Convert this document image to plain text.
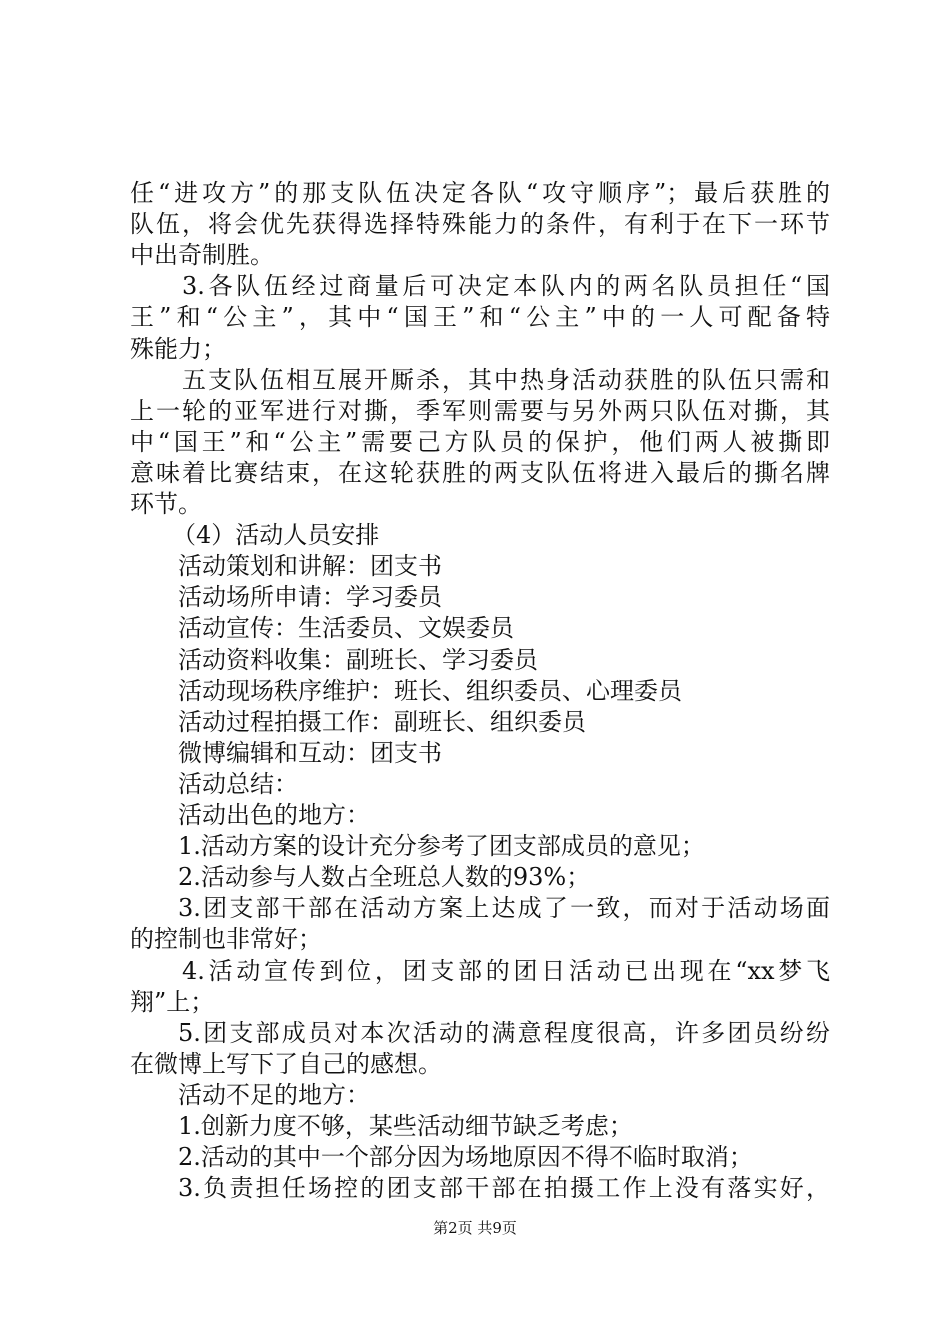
任“进攻方”的那支队伍决定各队“攻守顺序”；最后获胜的
队伍，将会优先获得选择特殊能力的条件，有利于在下一环节
中出奇制胜。
3.各队伍经过商量后可决定本队内的两名队员担任“国
王”和“公主”，其中“国王”和“公主”中的一人可配备特
殊能力；
五支队伍相互展开厮杀，其中热身活动获胜的队伍只需和
上一轮的亚军进行对撕，季军则需要与另外两只队伍对撕，其
中“国王”和“公主”需要己方队员的保护，他们两人被撕即
意味着比赛结束，在这轮获胜的两支队伍将进入最后的撕名牌
环节。
（4）活动人员安排
活动策划和讲解：团支书
活动场所申请：学习委员
活动宣传：生活委员、文娱委员
活动资料收集：副班长、学习委员
活动现场秩序维护：班长、组织委员、心理委员
活动过程拍摄工作：副班长、组织委员
微博编辑和互动：团支书
活动总结：
活动出色的地方：
1.活动方案的设计充分参考了团支部成员的意见；
2.活动参与人数占全班总人数的93%；
3.团支部干部在活动方案上达成了一致，而对于活动场面
的控制也非常好；
4.活动宣传到位，团支部的团日活动已出现在“xx梦飞
翔”上；
5.团支部成员对本次活动的满意程度很高，许多团员纷纷
在微博上写下了自己的感想。
活动不足的地方：
1.创新力度不够，某些活动细节缺乏考虑；
2.活动的其中一个部分因为场地原因不得不临时取消；
3.负责担任场控的团支部干部在拍摄工作上没有落实好，
第2页 共9页
